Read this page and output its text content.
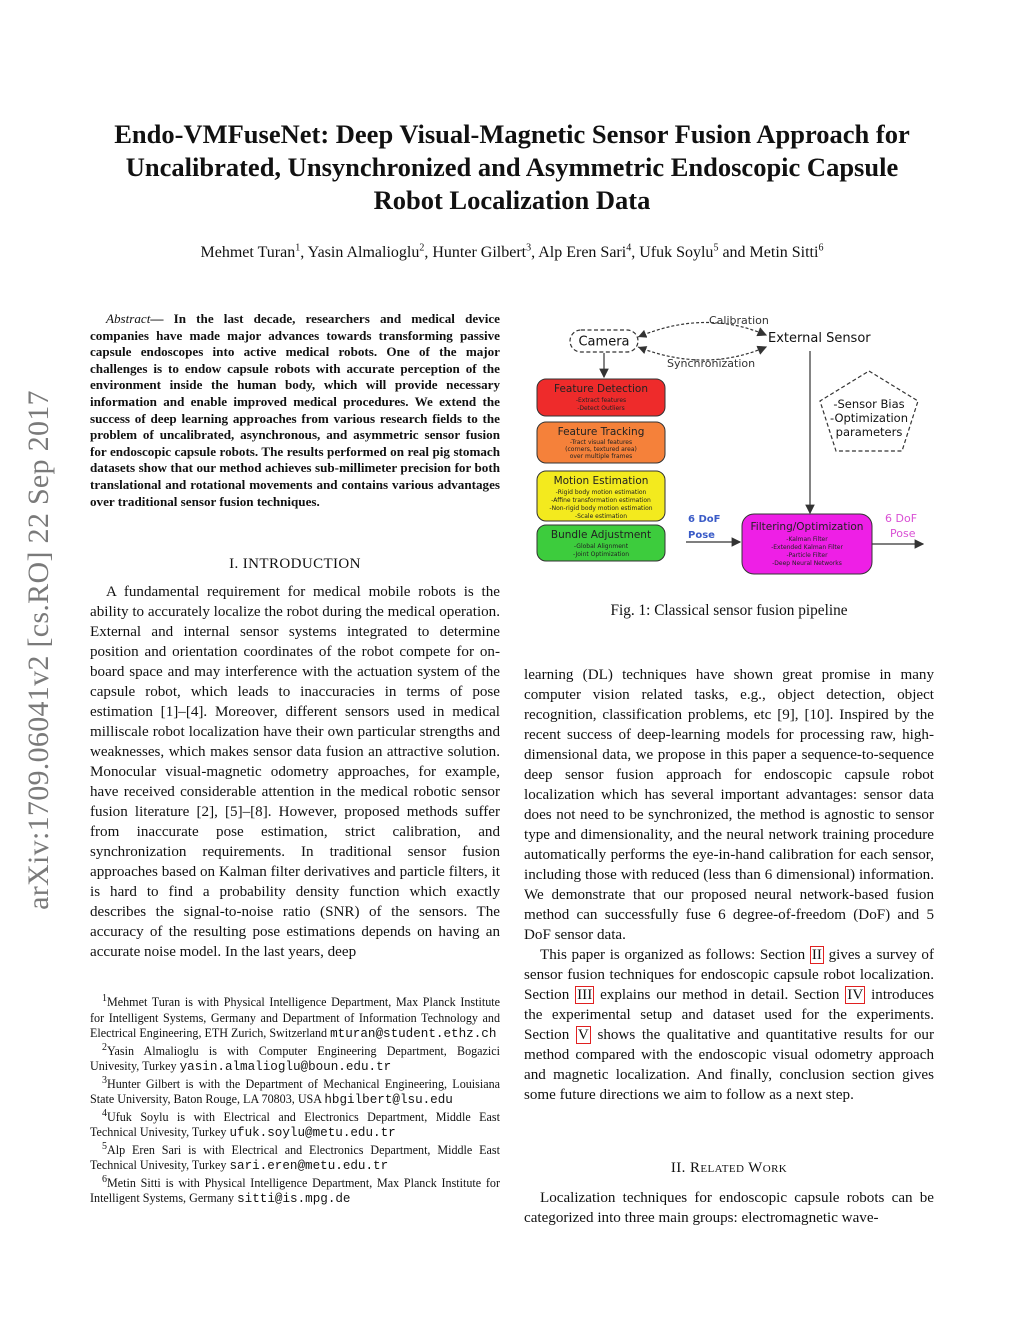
arXiv:1709.06041v2 [cs.RO] 22 Sep 2017
Endo-VMFuseNet: Deep Visual-Magnetic Sensor Fusion Approach for
Uncalibrated, Unsynchronized and Asymmetric Endoscopic Capsule
Robot Localization Data
Mehmet Turan$^1$, Yasin Almalioglu$^2$, Hunter Gilbert$^3$, Alp Eren Sari$^4$, Ufuk Soylu$^5$ and Metin Sitti$^6$
Abstract— In the last decade, researchers and medical device companies have made major advances towards transforming passive capsule endoscopes into active medical robots. One of the major challenges is to endow capsule robots with accurate perception of the environment inside the human body, which will provide necessary information and enable improved medical procedures. We extend the success of deep learning approaches from various research fields to the problem of uncalibrated, asynchronous, and asymmetric sensor fusion for endoscopic capsule robots. The results performed on real pig stomach datasets show that our method achieves sub-millimeter precision for both translational and rotational movements and contains various advantages over traditional sensor fusion techniques.
I. INTRODUCTION

A fundamental requirement for medical mobile robots is the ability to accurately localize the robot during the medical operation. External and internal sensor systems integrated to determine position and orientation coordinates of the robot compete for on-board space and may interference with the actuation system of the capsule robot, which leads to inaccuracies in terms of pose estimation [1]–[4]. Moreover, different sensors used in medical milliscale robot localization have their own particular strengths and weaknesses, which makes sensor data fusion an attractive solution. Monocular visual-magnetic odometry approaches, for example, have received considerable attention in the medical robotic sensor fusion literature [2], [5]–[8]. However, proposed methods suffer from inaccurate pose estimation, strict calibration, and synchronization requirements. In traditional sensor fusion approaches based on Kalman filter derivatives and particle filters, it is hard to find a probability density function which exactly describes the signal-to-noise ratio (SNR) of the sensors. The accuracy of the resulting pose estimations depends on having an accurate noise model. In the last years, deep

$^1$Mehmet Turan is with Physical Intelligence Department, Max Planck Institute for Intelligent Systems, Germany and Department of Information Technology and Electrical Engineering, ETH Zurich, Switzerland mturan@student.ethz.ch

$^2$Yasin Almalioglu is with Computer Engineering Department, Bogazici Univesity, Turkey yasin.almalioglu@boun.edu.tr

$^3$Hunter Gilbert is with the Department of Mechanical Engineering, Louisiana State University, Baton Rouge, LA 70803, USA hbgilbert@lsu.edu

$^4$Ufuk Soylu is with Electrical and Electronics Department, Middle East Technical Univesity, Turkey ufuk.soylu@metu.edu.tr

$^5$Alp Eren Sari is with Electrical and Electronics Department, Middle East Technical Univesity, Turkey sari.eren@metu.edu.tr

$^6$Metin Sitti is with Physical Intelligence Department, Max Planck Institute for Intelligent Systems, Germany sitti@is.mpg.de

Calibration
Synchronization
Camera	External Sensor
Feature Detection
-Extract features
-Detect Outliers
Feature Tracking
-Tract visual features
(corners, textured area)
over multiple frames
Motion Estimation
-Rigid body motion estimation
-Affine transformation estimation
-Non-rigid body motion estimation
-Scale estimation
Bundle Adjustment
-Global Alignment
-Joint Optimization
-Sensor Bias
-Optimization
parameters
6 DoF
Pose
Filtering/Optimization
-Kalman Filter
-Extended Kalman Filter
-Particle Filter
-Deep Neural Networks
6 DoF
Pose
Fig. 1: Classical sensor fusion pipeline

learning (DL) techniques have shown great promise in many computer vision related tasks, e.g., object detection, object recognition, classification problems, etc [9], [10]. Inspired by the recent success of deep-learning models for processing raw, high-dimensional data, we propose in this paper a sequence-to-sequence deep sensor fusion approach for endoscopic capsule robot localization which has several important advantages: sensor data does not need to be synchronized, the method is agnostic to sensor type and dimensionality, and the neural network training procedure automatically performs the eye-in-hand calibration for each sensor, including those with reduced (less than 6 dimensional) information. We demonstrate that our proposed neural network-based fusion method can successfully fuse 6 degree-of-freedom (DoF) and 5 DoF sensor data.

This paper is organized as follows: Section II gives a survey of sensor fusion techniques for endoscopic capsule robot localization. Section III explains our method in detail. Section IV introduces the experimental setup and dataset used for the experiments. Section V shows the qualitative and quantitative results for our method compared with the endoscopic visual odometry approach and magnetic localization. And finally, conclusion section gives some future directions we aim to follow as a next step.

II. Related Work

Localization techniques for endoscopic capsule robots can be categorized into three main groups: electromagnetic wave-
